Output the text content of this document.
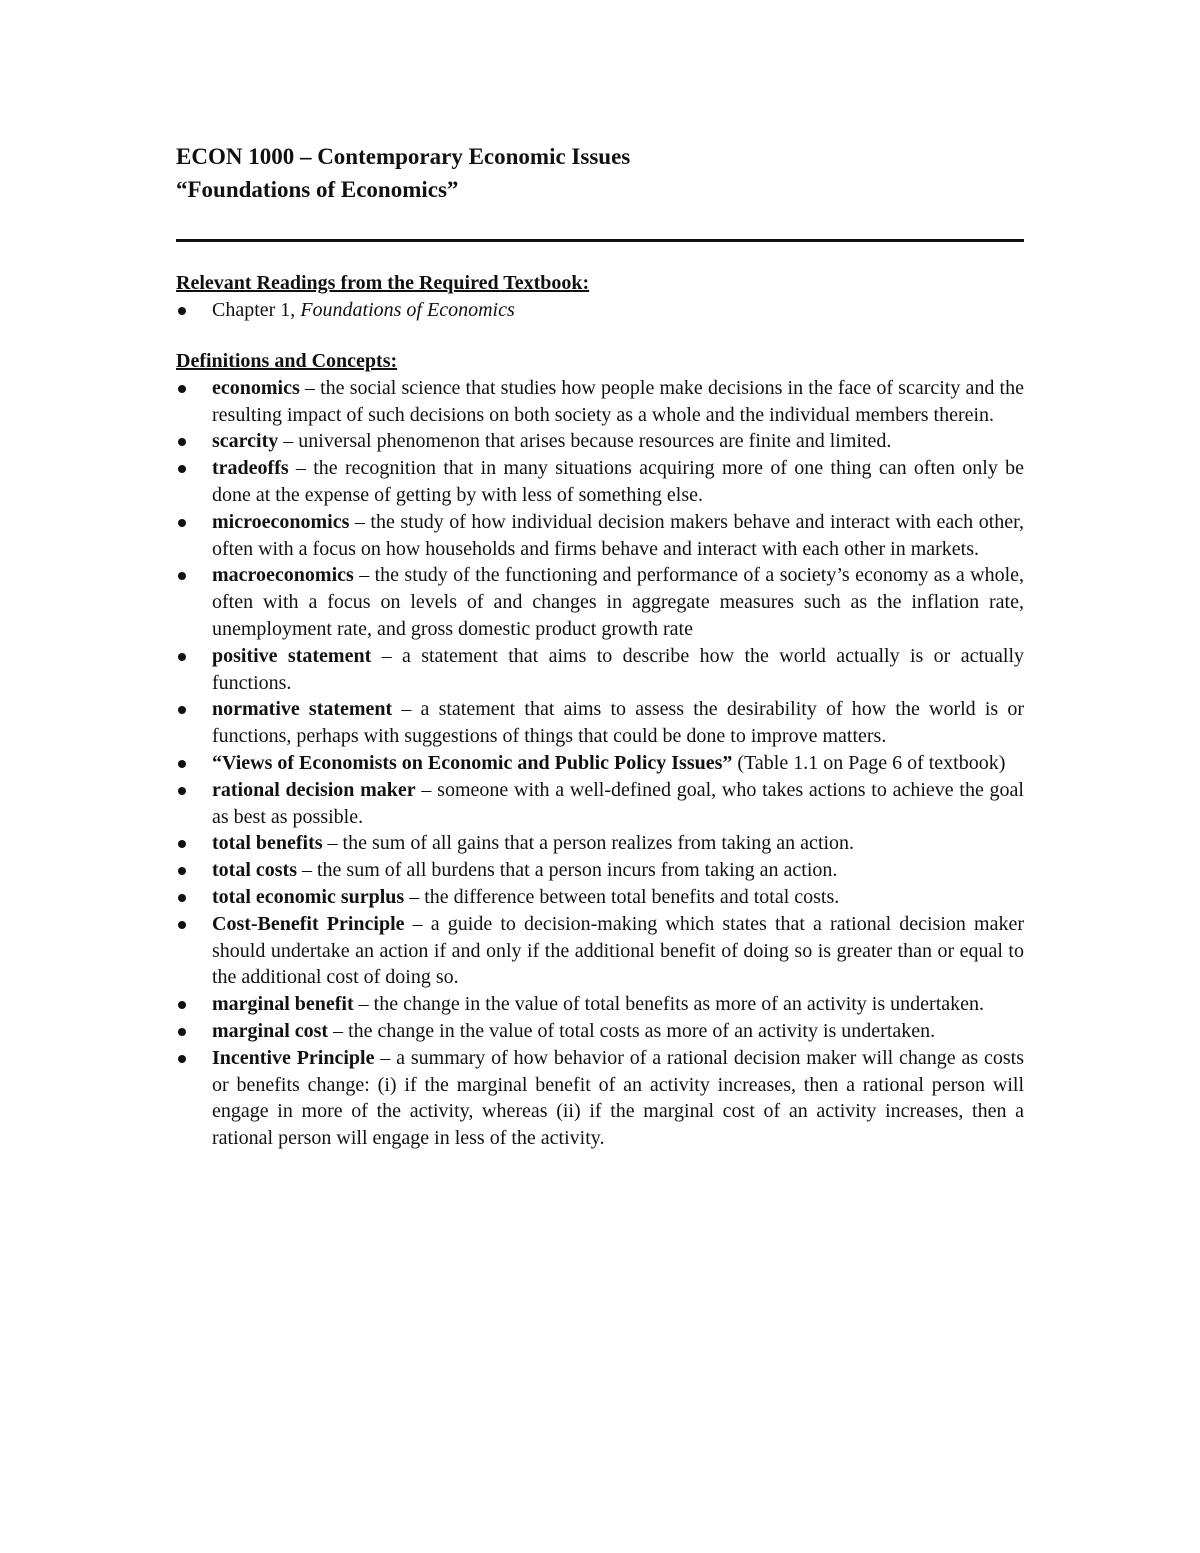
ECON 1000 – Contemporary Economic Issues

“Foundations of Economics”

Relevant Readings from the Required Textbook:

Chapter 1, Foundations of Economics

Definitions and Concepts:

economics – the social science that studies how people make decisions in the face of scarcity and the resulting impact of such decisions on both society as a whole and the individual members therein.
scarcity – universal phenomenon that arises because resources are finite and limited.
tradeoffs – the recognition that in many situations acquiring more of one thing can often only be done at the expense of getting by with less of something else.
microeconomics – the study of how individual decision makers behave and interact with each other, often with a focus on how households and firms behave and interact with each other in markets.
macroeconomics – the study of the functioning and performance of a society’s economy as a whole, often with a focus on levels of and changes in aggregate measures such as the inflation rate, unemployment rate, and gross domestic product growth rate
positive statement – a statement that aims to describe how the world actually is or actually functions.
normative statement – a statement that aims to assess the desirability of how the world is or functions, perhaps with suggestions of things that could be done to improve matters.
“Views of Economists on Economic and Public Policy Issues” (Table 1.1 on Page 6 of textbook)
rational decision maker – someone with a well-defined goal, who takes actions to achieve the goal as best as possible.
total benefits – the sum of all gains that a person realizes from taking an action.
total costs – the sum of all burdens that a person incurs from taking an action.
total economic surplus – the difference between total benefits and total costs.
Cost-Benefit Principle – a guide to decision-making which states that a rational decision maker should undertake an action if and only if the additional benefit of doing so is greater than or equal to the additional cost of doing so.
marginal benefit – the change in the value of total benefits as more of an activity is undertaken.
marginal cost – the change in the value of total costs as more of an activity is undertaken.
Incentive Principle – a summary of how behavior of a rational decision maker will change as costs or benefits change: (i) if the marginal benefit of an activity increases, then a rational person will engage in more of the activity, whereas (ii) if the marginal cost of an activity increases, then a rational person will engage in less of the activity.
